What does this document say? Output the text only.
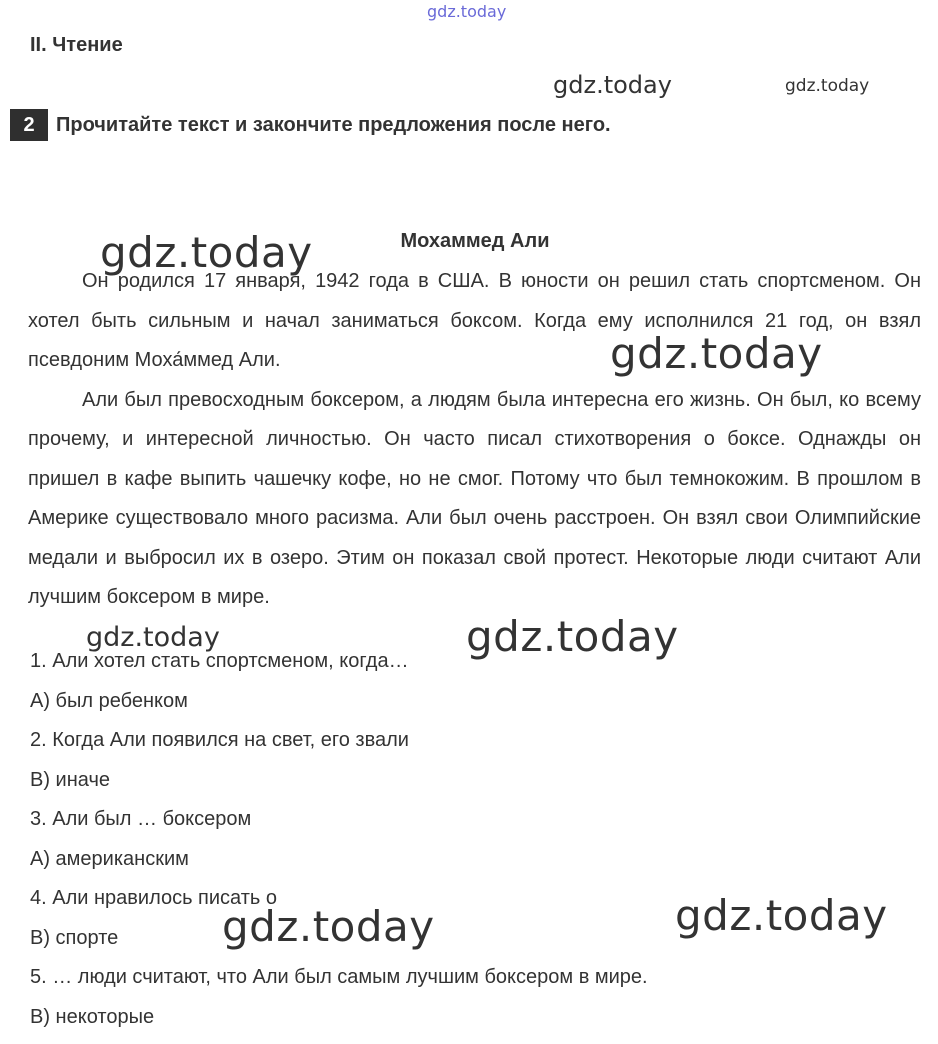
gdz.today
II. Чтение
gdz.today	gdz.today
2	Прочитайте текст и закончите предложения после него.
Мохаммед Али

Он родился 17 января, 1942 года в США. В юности он решил стать спортсменом. Он хотел быть сильным и начал заниматься боксом. Когда ему исполнился 21 год, он взял псевдоним Моха́ммед Али.

Али был превосходным боксером, а людям была интересна его жизнь. Он был, ко всему прочему, и интересной личностью. Он часто писал стихотворения о боксе. Однажды он пришел в кафе выпить чашечку кофе, но не смог. Потому что был темнокожим. В прошлом в Америке существовало много расизма. Али был очень расстроен. Он взял свои Олимпийские медали и выбросил их в озеро. Этим он показал свой протест. Некоторые люди считают Али лучшим боксером в мире.

1. Али хотел стать спортсменом, когда…
A) был ребенком
2. Когда Али появился на свет, его звали
B) иначе
3. Али был … боксером
A) американским
4. Али нравилось писать о
B) спорте
5. … люди считают, что Али был самым лучшим боксером в мире.
B) некоторые
gdz.today
gdz.today
gdz.today	gdz.today
gdz.today	gdz.today
